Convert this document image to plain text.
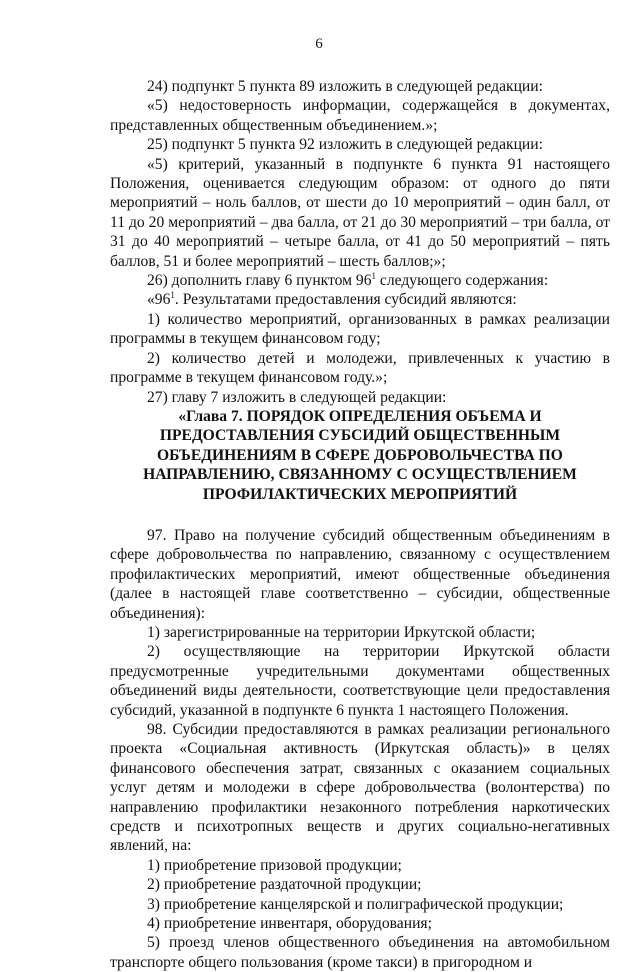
6

24) подпункт 5 пункта 89 изложить в следующей редакции:

«5) недостоверность информации, содержащейся в документах, представленных общественным объединением.»;

25) подпункт 5 пункта 92 изложить в следующей редакции:

«5) критерий, указанный в подпункте 6 пункта 91 настоящего Положения, оценивается следующим образом: от одного до пяти мероприятий – ноль баллов, от шести до 10 мероприятий – один балл, от 11 до 20 мероприятий – два балла, от 21 до 30 мероприятий – три балла, от 31 до 40 мероприятий – четыре балла, от 41 до 50 мероприятий – пять баллов, 51 и более мероприятий – шесть баллов;»;

26) дополнить главу 6 пунктом $96^1$ следующего содержания:

«$96^1$. Результатами предоставления субсидий являются:

1) количество мероприятий, организованных в рамках реализации программы в текущем финансовом году;

2) количество детей и молодежи, привлеченных к участию в программе в текущем финансовом году.»;

27) главу 7 изложить в следующей редакции:

«Глава 7. ПОРЯДОК ОПРЕДЕЛЕНИЯ ОБЪЕМА И ПРЕДОСТАВЛЕНИЯ СУБСИДИЙ ОБЩЕСТВЕННЫМ ОБЪЕДИНЕНИЯМ В СФЕРЕ ДОБРОВОЛЬЧЕСТВА ПО НАПРАВЛЕНИЮ, СВЯЗАННОМУ С ОСУЩЕСТВЛЕНИЕМ ПРОФИЛАКТИЧЕСКИХ МЕРОПРИЯТИЙ

97. Право на получение субсидий общественным объединениям в сфере добровольчества по направлению, связанному с осуществлением профилактических мероприятий, имеют общественные объединения (далее в настоящей главе соответственно – субсидии, общественные объединения):

1) зарегистрированные на территории Иркутской области;

2) осуществляющие на территории Иркутской области предусмотренные учредительными документами общественных объединений виды деятельности, соответствующие цели предоставления субсидий, указанной в подпункте 6 пункта 1 настоящего Положения.

98. Субсидии предоставляются в рамках реализации регионального проекта «Социальная активность (Иркутская область)» в целях финансового обеспечения затрат, связанных с оказанием социальных услуг детям и молодежи в сфере добровольчества (волонтерства) по направлению профилактики незаконного потребления наркотических средств и психотропных веществ и других социально-негативных явлений, на:

1) приобретение призовой продукции;

2) приобретение раздаточной продукции;

3) приобретение канцелярской и полиграфической продукции;

4) приобретение инвентаря, оборудования;

5) проезд членов общественного объединения на автомобильном транспорте общего пользования (кроме такси) в пригородном и
